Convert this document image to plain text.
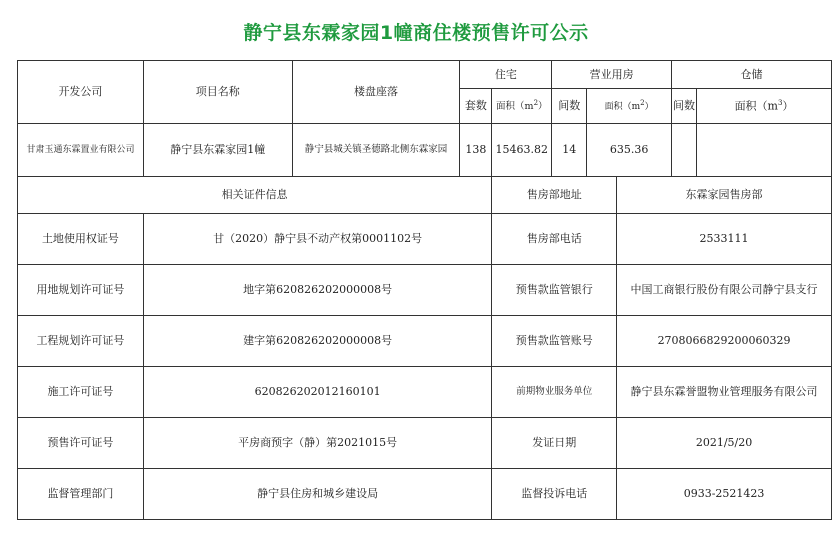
静宁县东霖家园1幢商住楼预售许可公示
开发公司	项目名称	楼盘座落	住宅		营业用房			仓储	
			套数	面积$(m^2)$	间数	面积$(m^2)$		间数	面积$(m^3)$
甘肃玉通东霖置业有限公司	静宁县东霖家园1幢	静宁县城关镇圣德路北侧东霖家园	138	15463.82	14	635.36			
相关证件信息				售房部地址			东霖家园售房部		
土地使用权证号	甘（2020）静宁县不动产权第0001102号			售房部电话			2533111		
用地规划许可证号	地字第620826202000008号			预售款监管银行			中国工商银行股份有限公司静宁县支行		
工程规划许可证号	建字第620826202000008号			预售款监管账号			2708066829200060329		
施工许可证号	620826202012160101			前期物业服务单位			静宁县东霖誉盟物业管理服务有限公司		
预售许可证号	平房商预字（静）第2021015号			发证日期			2021/5/20		
监督管理部门	静宁县住房和城乡建设局			监督投诉电话			0933-2521423		
